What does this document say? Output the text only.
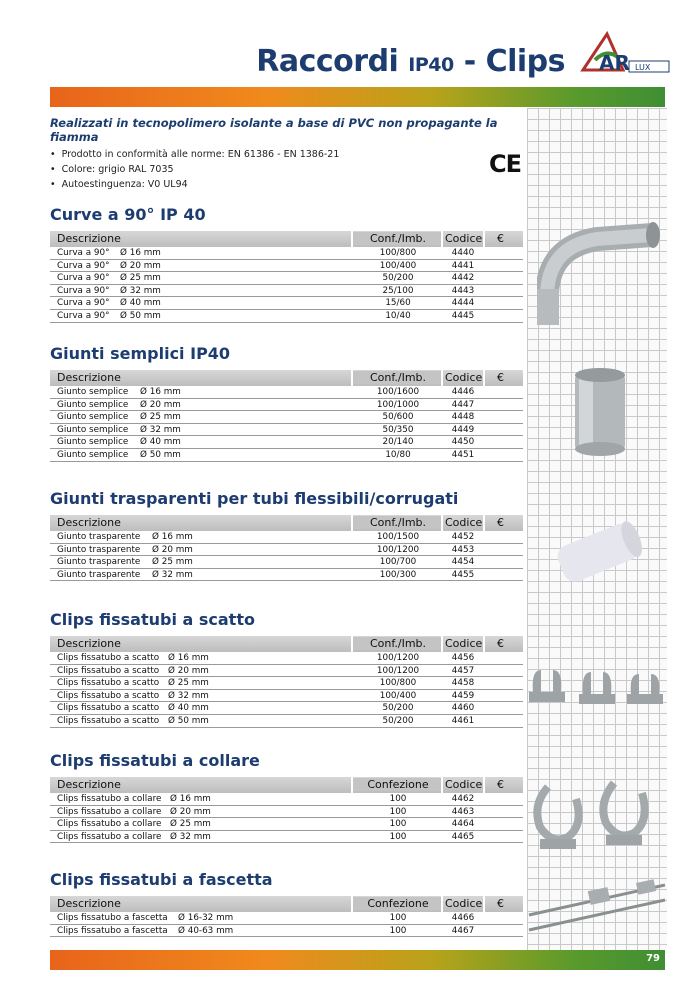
Raccordi IP40 - Clips AR LUX
Realizzati in tecnopolimero isolante a base di PVC non propagante la fiamma
• Prodotto in conformità alle norme: EN 61386 - EN 1386-21
• Colore: grigio RAL 7035
• Autoestinguenza: V0 UL94
CE
Curve a 90° IP 40
Descrizione	Conf./Imb.	Codice €
Curva a 90° Ø 16 mm	100/800	4440
Curva a 90° Ø 20 mm	100/400	4441
Curva a 90° Ø 25 mm	50/200	4442
Curva a 90° Ø 32 mm	25/100	4443
Curva a 90° Ø 40 mm	15/60	4444
Curva a 90° Ø 50 mm	10/40	4445
Giunti semplici IP40
Descrizione	Conf./Imb.	Codice €
Giunto semplice Ø 16 mm	100/1600	4446
Giunto semplice Ø 20 mm	100/1000	4447
Giunto semplice Ø 25 mm	50/600	4448
Giunto semplice Ø 32 mm	50/350	4449
Giunto semplice Ø 40 mm	20/140	4450
Giunto semplice Ø 50 mm	10/80	4451
Giunti trasparenti per tubi flessibili/corrugati
Descrizione	Conf./Imb.	Codice €
Giunto trasparente Ø 16 mm	100/1500	4452
Giunto trasparente Ø 20 mm	100/1200	4453
Giunto trasparente Ø 25 mm	100/700	4454
Giunto trasparente Ø 32 mm	100/300	4455
Clips fissatubi a scatto
Descrizione	Conf./Imb.	Codice €
Clips fissatubo a scatto Ø 16 mm	100/1200	4456
Clips fissatubo a scatto Ø 20 mm	100/1200	4457
Clips fissatubo a scatto Ø 25 mm	100/800	4458
Clips fissatubo a scatto Ø 32 mm	100/400	4459
Clips fissatubo a scatto Ø 40 mm	50/200	4460
Clips fissatubo a scatto Ø 50 mm	50/200	4461
Clips fissatubi a collare
Descrizione	Confezione	Codice €
Clips fissatubo a collare Ø 16 mm	100	4462
Clips fissatubo a collare Ø 20 mm	100	4463
Clips fissatubo a collare Ø 25 mm	100	4464
Clips fissatubo a collare Ø 32 mm	100	4465
Clips fissatubi a fascetta
Descrizione	Confezione	Codice €
Clips fissatubo a fascetta Ø 16-32 mm	100	4466
Clips fissatubo a fascetta Ø 40-63 mm	100	4467
79
